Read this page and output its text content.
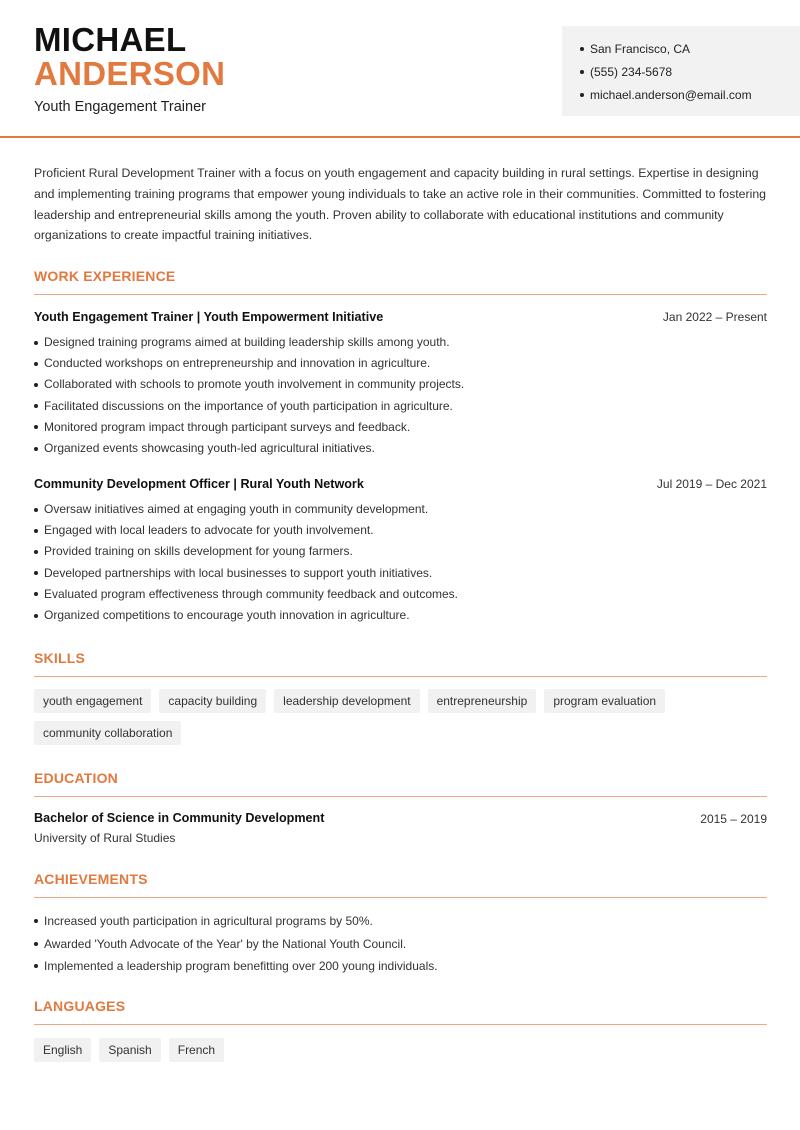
MICHAEL
ANDERSON
Youth Engagement Trainer
San Francisco, CA
(555) 234-5678
michael.anderson@email.com
Proficient Rural Development Trainer with a focus on youth engagement and capacity building in rural settings. Expertise in designing and implementing training programs that empower young individuals to take an active role in their communities. Committed to fostering leadership and entrepreneurial skills among the youth. Proven ability to collaborate with educational institutions and community organizations to create impactful training initiatives.
WORK EXPERIENCE
Youth Engagement Trainer | Youth Empowerment Initiative	Jan 2022 – Present
Designed training programs aimed at building leadership skills among youth.
Conducted workshops on entrepreneurship and innovation in agriculture.
Collaborated with schools to promote youth involvement in community projects.
Facilitated discussions on the importance of youth participation in agriculture.
Monitored program impact through participant surveys and feedback.
Organized events showcasing youth-led agricultural initiatives.
Community Development Officer | Rural Youth Network	Jul 2019 – Dec 2021
Oversaw initiatives aimed at engaging youth in community development.
Engaged with local leaders to advocate for youth involvement.
Provided training on skills development for young farmers.
Developed partnerships with local businesses to support youth initiatives.
Evaluated program effectiveness through community feedback and outcomes.
Organized competitions to encourage youth innovation in agriculture.
SKILLS
youth engagement	capacity building	leadership development	entrepreneurship	program evaluation
community collaboration
EDUCATION
Bachelor of Science in Community Development	2015 – 2019
University of Rural Studies
ACHIEVEMENTS
Increased youth participation in agricultural programs by 50%.
Awarded 'Youth Advocate of the Year' by the National Youth Council.
Implemented a leadership program benefitting over 200 young individuals.
LANGUAGES
English	Spanish	French
